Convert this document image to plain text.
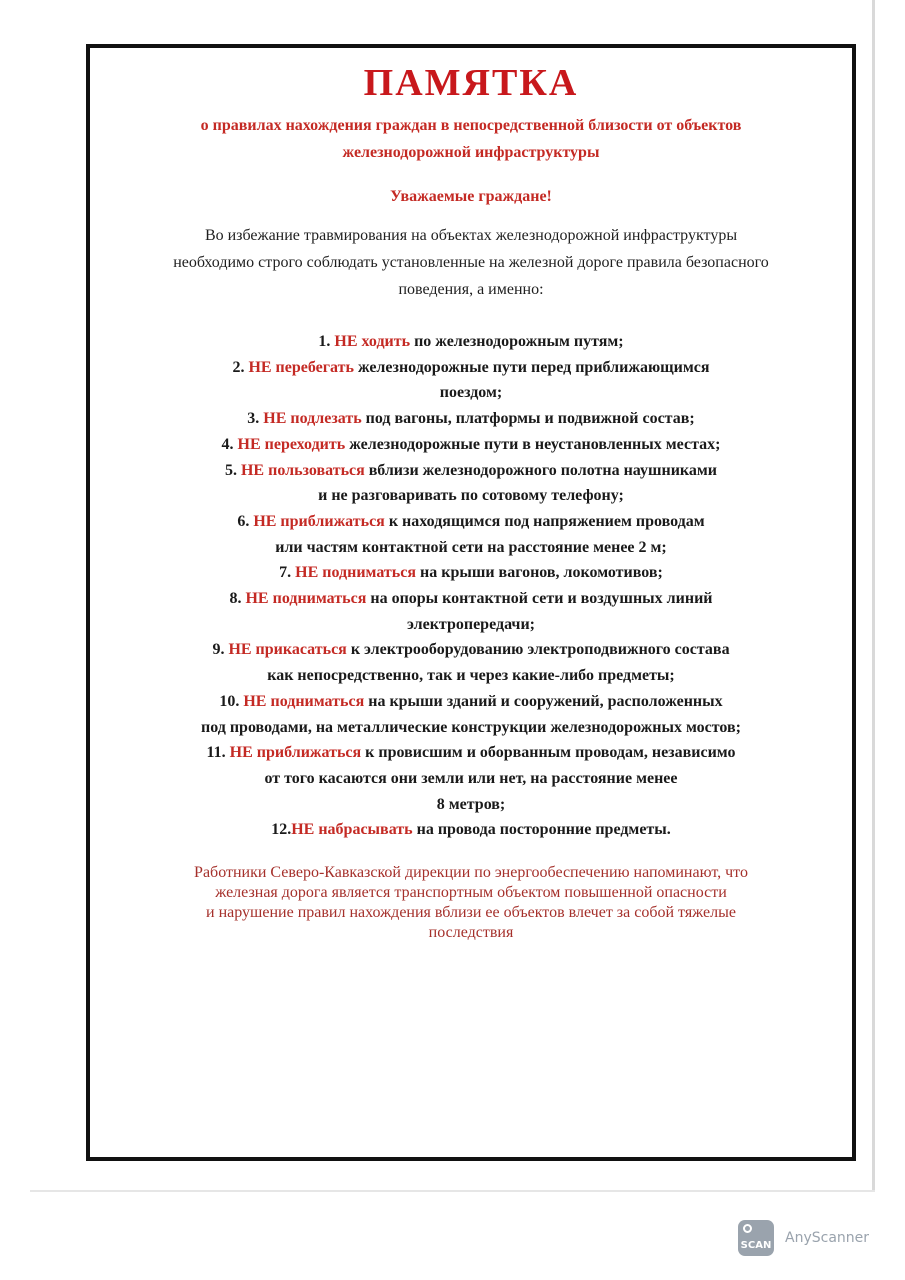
ПАМЯТКА
о правилах нахождения граждан в непосредственной близости от объектов
железнодорожной инфраструктуры
Уважаемые граждане!
Во избежание травмирования на объектах железнодорожной инфраструктуры
необходимо строго соблюдать установленные на железной дороге правила безопасного
поведения, а именно:
1. НЕ ходить по железнодорожным путям;
2. НЕ перебегать железнодорожные пути перед приближающимся
поездом;
3. НЕ подлезать под вагоны, платформы и подвижной состав;
4. НЕ переходить железнодорожные пути в неустановленных местах;
5. НЕ пользоваться вблизи железнодорожного полотна наушниками
и не разговаривать по сотовому телефону;
6. НЕ приближаться к находящимся под напряжением проводам
или частям контактной сети на расстояние менее 2 м;
7. НЕ подниматься на крыши вагонов, локомотивов;
8. НЕ подниматься на опоры контактной сети и воздушных линий
электропередачи;
9. НЕ прикасаться к электрооборудованию электроподвижного состава
как непосредственно, так и через какие-либо предметы;
10. НЕ подниматься на крыши зданий и сооружений, расположенных
под проводами, на металлические конструкции железнодорожных мостов;
11. НЕ приближаться к провисшим и оборванным проводам, независимо
от того касаются они земли или нет, на расстояние менее
8 метров;
12.НЕ набрасывать на провода посторонние предметы.
Работники Северо-Кавказской дирекции по энергообеспечению напоминают, что
железная дорога является транспортным объектом повышенной опасности
и нарушение правил нахождения вблизи ее объектов влечет за собой тяжелые
последствия
SCAN AnyScanner
